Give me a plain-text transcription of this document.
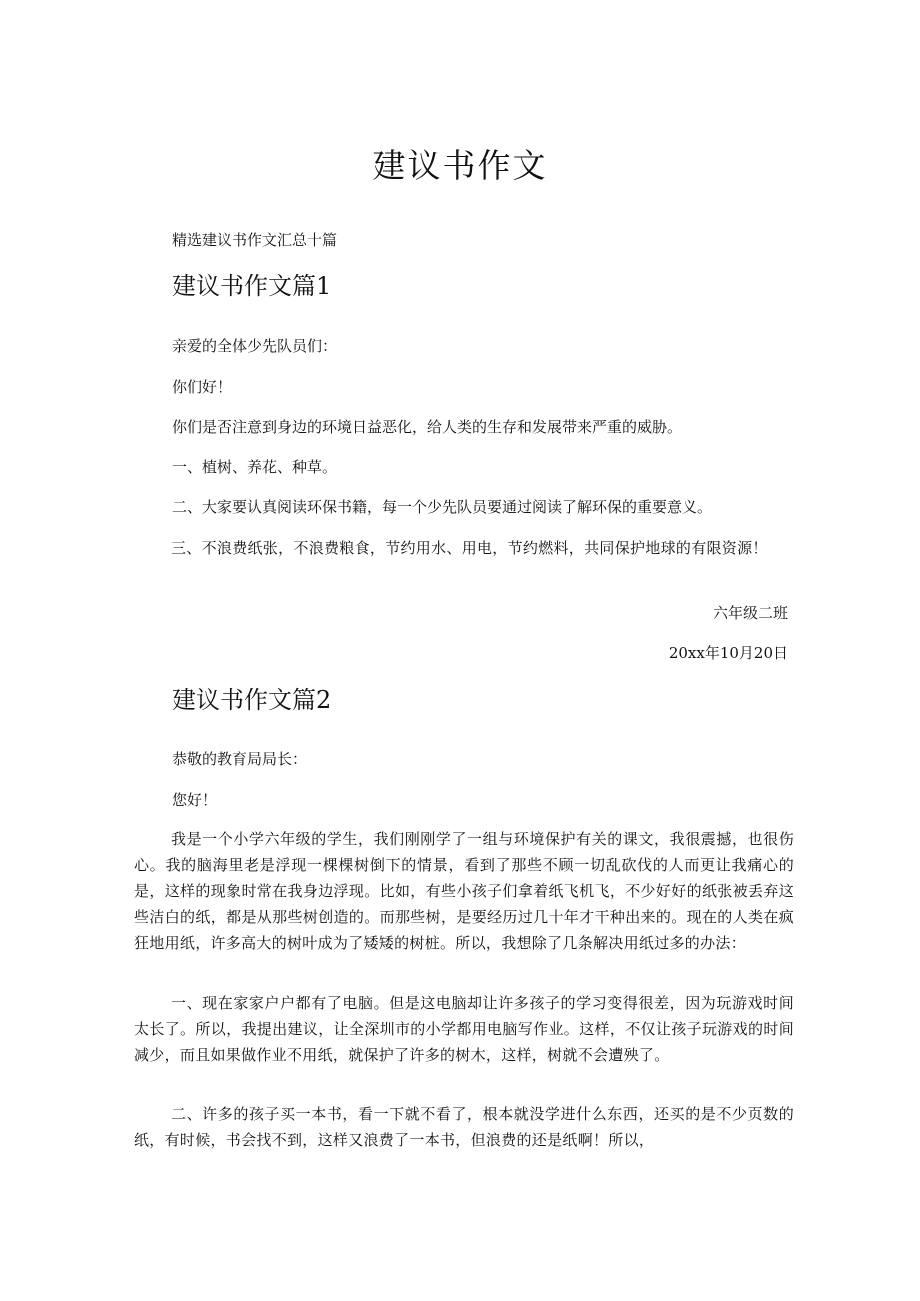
建议书作文

精选建议书作文汇总十篇

建议书作文篇1

亲爱的全体少先队员们：

你们好！

你们是否注意到身边的环境日益恶化，给人类的生存和发展带来严重的威胁。

一、植树、养花、种草。

二、大家要认真阅读环保书籍，每一个少先队员要通过阅读了解环保的重要意义。

三、不浪费纸张，不浪费粮食，节约用水、用电，节约燃料，共同保护地球的有限资源！

六年级二班

20xx年10月20日

建议书作文篇2

恭敬的教育局局长：

您好！

我是一个小学六年级的学生，我们刚刚学了一组与环境保护有关的课文，我很震撼，也很伤心。我的脑海里老是浮现一棵棵树倒下的情景，看到了那些不顾一切乱砍伐的人而更让我痛心的是，这样的现象时常在我身边浮现。比如，有些小孩子们拿着纸飞机飞，不少好好的纸张被丢弃这些洁白的纸，都是从那些树创造的。而那些树，是要经历过几十年才干种出来的。现在的人类在疯狂地用纸，许多高大的树叶成为了矮矮的树桩。所以，我想除了几条解决用纸过多的办法：

一、现在家家户户都有了电脑。但是这电脑却让许多孩子的学习变得很差，因为玩游戏时间太长了。所以，我提出建议，让全深圳市的小学都用电脑写作业。这样，不仅让孩子玩游戏的时间减少，而且如果做作业不用纸，就保护了许多的树木，这样，树就不会遭殃了。

二、许多的孩子买一本书，看一下就不看了，根本就没学进什么东西，还买的是不少页数的纸，有时候，书会找不到，这样又浪费了一本书，但浪费的还是纸啊！所以，
